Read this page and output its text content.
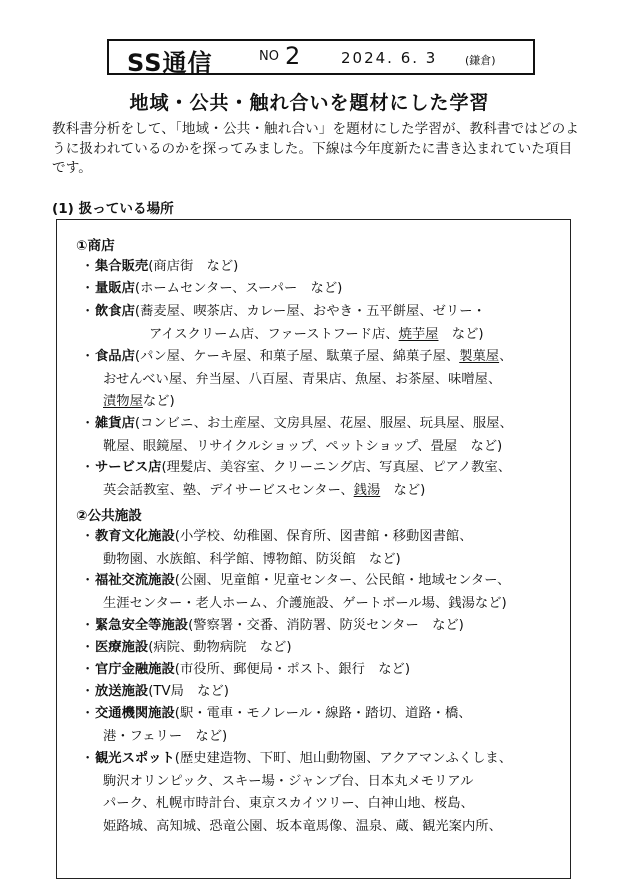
SS通信	NO 2	2024. 6. 3	(鎌倉)
地域・公共・触れ合いを題材にした学習

教科書分析をして、「地域・公共・触れ合い」を題材にした学習が、教科書ではどのように扱われているのかを探ってみました。下線は今年度新たに書き込まれていた項目です。

(1) 扱っている場所
①商店
・集合販売(商店街　など)
・量販店(ホームセンター、スーパー　など)
・飲食店(蕎麦屋、喫茶店、カレー屋、おやき・五平餅屋、ゼリー・
アイスクリーム店、ファーストフード店、焼芋屋　など)
・食品店(パン屋、ケーキ屋、和菓子屋、駄菓子屋、綿菓子屋、製菓屋、
おせんべい屋、弁当屋、八百屋、青果店、魚屋、お茶屋、味噌屋、
漬物屋など)
・雑貨店(コンビニ、お土産屋、文房具屋、花屋、服屋、玩具屋、服屋、
靴屋、眼鏡屋、リサイクルショップ、ペットショップ、畳屋　など)
・サービス店(理髪店、美容室、クリーニング店、写真屋、ピアノ教室、
英会話教室、塾、デイサービスセンター、銭湯　など)
②公共施設
・教育文化施設(小学校、幼稚園、保育所、図書館・移動図書館、
動物園、水族館、科学館、博物館、防災館　など)
・福祉交流施設(公園、児童館・児童センター、公民館・地域センター、
生涯センター・老人ホーム、介護施設、ゲートボール場、銭湯など)
・緊急安全等施設(警察署・交番、消防署、防災センター　など)
・医療施設(病院、動物病院　など)
・官庁金融施設(市役所、郵便局・ポスト、銀行　など)
・放送施設(TV局　など)
・交通機関施設(駅・電車・モノレール・線路・踏切、道路・橋、
港・フェリー　など)
・観光スポット(歴史建造物、下町、旭山動物園、アクアマンふくしま、
駒沢オリンピック、スキー場・ジャンプ台、日本丸メモリアル
パーク、札幌市時計台、東京スカイツリー、白神山地、桜島、
姫路城、高知城、恐竜公園、坂本竜馬像、温泉、蔵、観光案内所、
